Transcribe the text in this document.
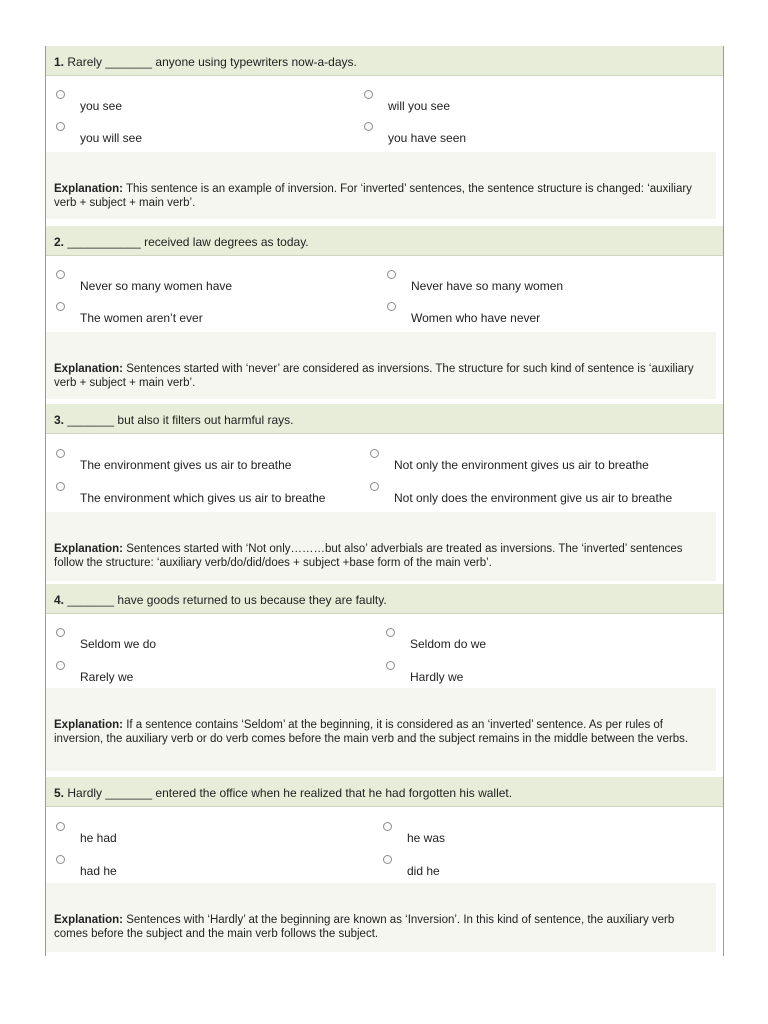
1. Rarely _______ anyone using typewriters now-a-days.
you see	will you see
you will see	you have seen
Explanation: This sentence is an example of inversion. For ‘inverted’ sentences, the sentence structure is changed: ‘auxiliary verb + subject + main verb’.
2. ___________ received law degrees as today.
Never so many women have	Never have so many women
The women aren’t ever	Women who have never
Explanation: Sentences started with ‘never’ are considered as inversions. The structure for such kind of sentence is ‘auxiliary verb + subject + main verb’.
3. _______ but also it filters out harmful rays.
The environment gives us air to breathe	Not only the environment gives us air to breathe
The environment which gives us air to breathe	Not only does the environment give us air to breathe
Explanation: Sentences started with ‘Not only………but also’ adverbials are treated as inversions. The ‘inverted’ sentences follow the structure: ‘auxiliary verb/do/did/does + subject +base form of the main verb’.
4. _______ have goods returned to us because they are faulty.
Seldom we do	Seldom do we
Rarely we	Hardly we
Explanation: If a sentence contains ‘Seldom’ at the beginning, it is considered as an ‘inverted’ sentence. As per rules of inversion, the auxiliary verb or do verb comes before the main verb and the subject remains in the middle between the verbs.
5. Hardly _______ entered the office when he realized that he had forgotten his wallet.
he had	he was
had he	did he
Explanation: Sentences with ‘Hardly’ at the beginning are known as ‘Inversion’. In this kind of sentence, the auxiliary verb comes before the subject and the main verb follows the subject.
